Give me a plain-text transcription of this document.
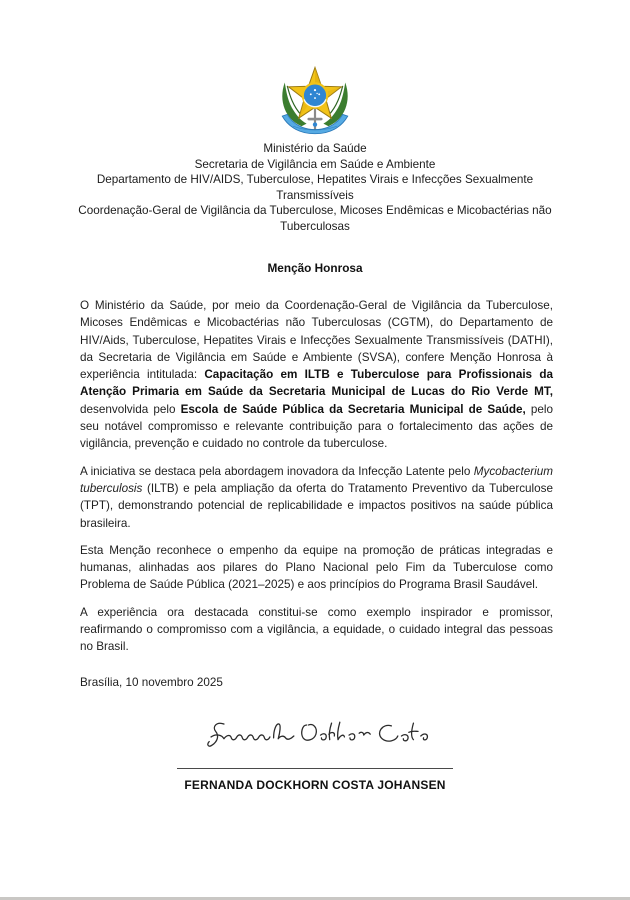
Ministério da Saúde
Secretaria de Vigilância em Saúde e Ambiente
Departamento de HIV/AIDS, Tuberculose, Hepatites Virais e Infecções Sexualmente
Transmissíveis
Coordenação-Geral de Vigilância da Tuberculose, Micoses Endêmicas e Micobactérias não
Tuberculosas
Menção Honrosa

O Ministério da Saúde, por meio da Coordenação-Geral de Vigilância da Tuberculose, Micoses Endêmicas e Micobactérias não Tuberculosas (CGTM), do Departamento de HIV/Aids, Tuberculose, Hepatites Virais e Infecções Sexualmente Transmissíveis (DATHI), da Secretaria de Vigilância em Saúde e Ambiente (SVSA), confere Menção Honrosa à experiência intitulada: Capacitação em ILTB e Tuberculose para Profissionais da Atenção Primaria em Saúde da Secretaria Municipal de Lucas do Rio Verde MT, desenvolvida pelo Escola de Saúde Pública da Secretaria Municipal de Saúde, pelo seu notável compromisso e relevante contribuição para o fortalecimento das ações de vigilância, prevenção e cuidado no controle da tuberculose.

A iniciativa se destaca pela abordagem inovadora da Infecção Latente pelo Mycobacterium tuberculosis (ILTB) e pela ampliação da oferta do Tratamento Preventivo da Tuberculose (TPT), demonstrando potencial de replicabilidade e impactos positivos na saúde pública brasileira.

Esta Menção reconhece o empenho da equipe na promoção de práticas integradas e humanas, alinhadas aos pilares do Plano Nacional pelo Fim da Tuberculose como Problema de Saúde Pública (2021–2025) e aos princípios do Programa Brasil Saudável.

A experiência ora destacada constitui-se como exemplo inspirador e promissor, reafirmando o compromisso com a vigilância, a equidade, o cuidado integral das pessoas no Brasil.

Brasília, 10 novembro 2025

FERNANDA DOCKHORN COSTA JOHANSEN
